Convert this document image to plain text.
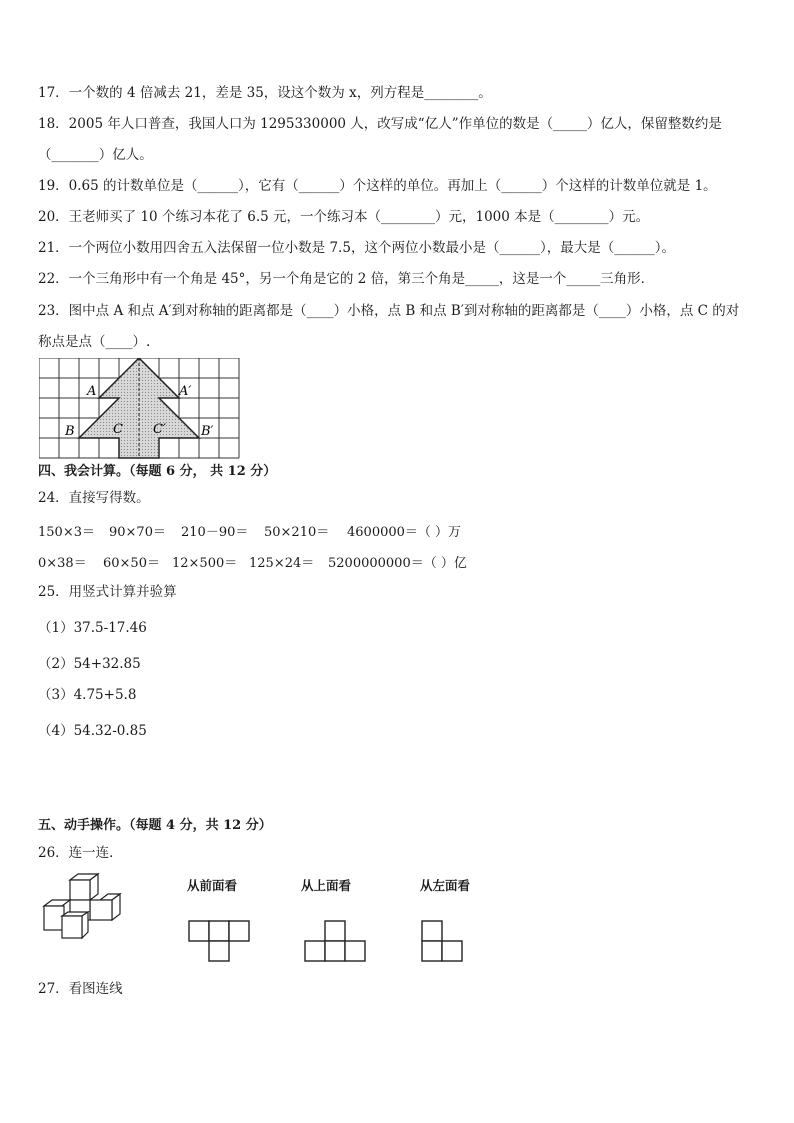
17．一个数的 4 倍减去 21，差是 35，设这个数为 x，列方程是________。
18．2005 年人口普查，我国人口为 1295330000 人，改写成“亿人”作单位的数是（_____）亿人，保留整数约是
（_______）亿人。
19．0.65 的计数单位是（______），它有（______）个这样的单位。再加上（______）个这样的计数单位就是 1。
20．王老师买了 10 个练习本花了 6.5 元，一个练习本（________）元，1000 本是（________）元。
21．一个两位小数用四舍五入法保留一位小数是 7.5，这个两位小数最小是（______），最大是（______）。
22．一个三角形中有一个角是 45°，另一个角是它的 2 倍，第三个角是_____，这是一个_____三角形．
23．图中点 A 和点 A′到对称轴的距离都是（____）小格，点 B 和点 B′到对称轴的距离都是（____）小格，点 C 的对
称点是点（____）.
A	A′
B	B′
C C′
四、我会计算。（每题 6 分， 共 12 分）
24．直接写得数。
150×3＝ 90×70＝ 210－90＝ 50×210＝ 4600000＝（ ）万
0×38＝ 60×50＝ 12×500＝ 125×24＝ 5200000000＝（ ）亿
25．用竖式计算并验算
（1）37.5-17.46
（2）54+32.85
（3）4.75+5.8
（4）54.32-0.85
五、动手操作。（每题 4 分，共 12 分）
26．连一连．
从前面看	从上面看	从左面看
27．看图连线
